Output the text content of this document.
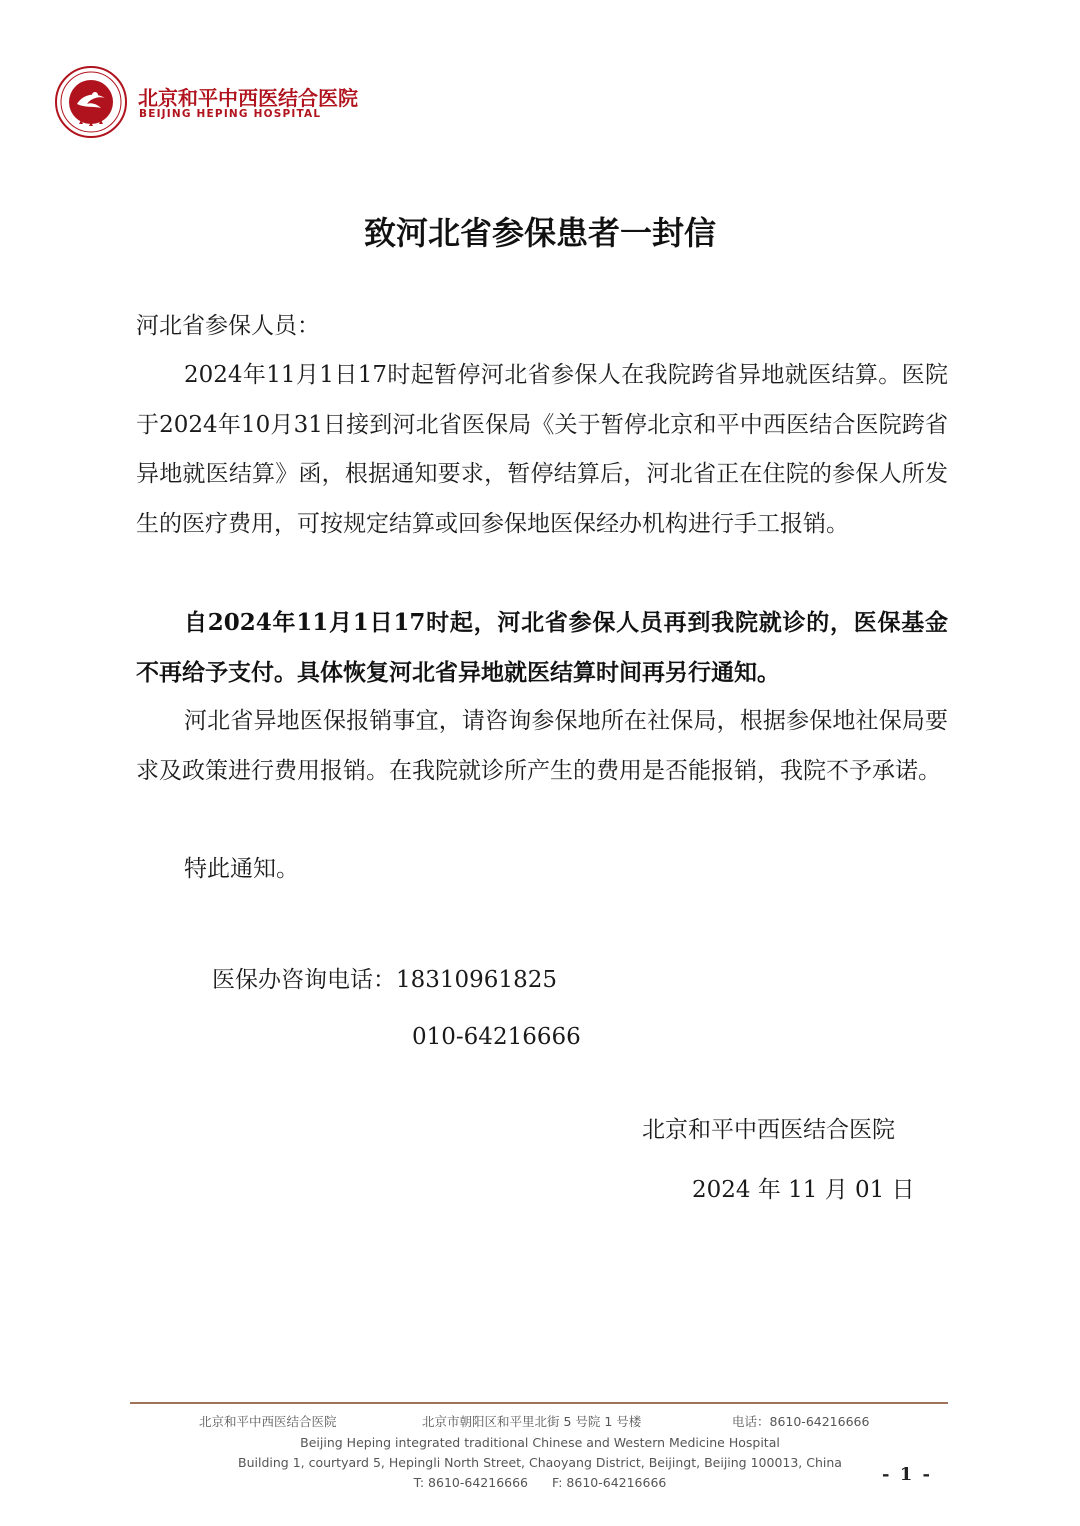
北京和平中西医结合医院
BEIJING HEPING HOSPITAL
致河北省参保患者一封信
河北省参保人员：
2024年11月1日17时起暂停河北省参保人在我院跨省异地就医结算。医院于2024年10月31日接到河北省医保局《关于暂停北京和平中西医结合医院跨省异地就医结算》函，根据通知要求，暂停结算后，河北省正在住院的参保人所发生的医疗费用，可按规定结算或回参保地医保经办机构进行手工报销。
自2024年11月1日17时起，河北省参保人员再到我院就诊的，医保基金不再给予支付。具体恢复河北省异地就医结算时间再另行通知。
河北省异地医保报销事宜，请咨询参保地所在社保局，根据参保地社保局要求及政策进行费用报销。在我院就诊所产生的费用是否能报销，我院不予承诺。
特此通知。
医保办咨询电话：18310961825
010-64216666
北京和平中西医结合医院
2024 年 11 月 01 日
北京和平中西医结合医院	北京市朝阳区和平里北街 5 号院 1 号楼	电话：8610-64216666
Beijing Heping integrated traditional Chinese and Western Medicine Hospital
Building 1, courtyard 5, Hepingli North Street, Chaoyang District, Beijingt, Beijing 100013, China
T: 8610-64216666 F: 8610-64216666	- 1 -
